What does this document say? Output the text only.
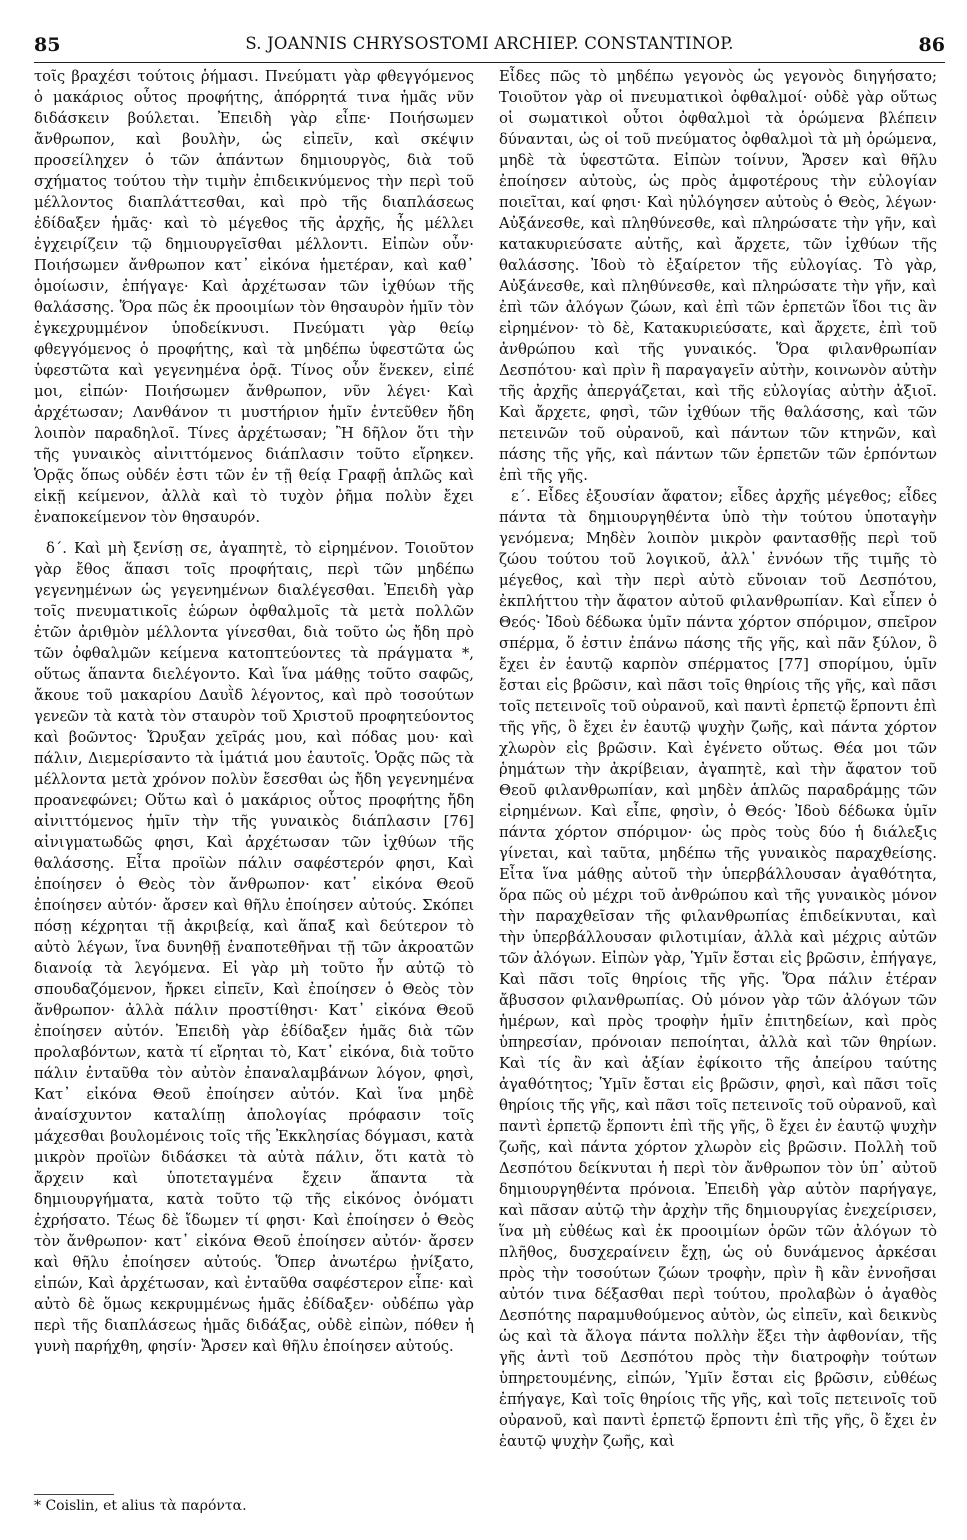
85	S. JOANNIS CHRYSOSTOMI ARCHIEP. CONSTANTINOP.	86

τοῖς βραχέσι τούτοις ῥήμασι. Πνεύματι γὰρ φθεγγόμενος ὁ μακάριος οὗτος προφήτης, ἀπόρρητά τινα ἡμᾶς νῦν διδάσκειν βούλεται. Ἐπειδὴ γὰρ εἶπε· Ποιήσωμεν ἄνθρωπον, καὶ βουλὴν, ὡς εἰπεῖν, καὶ σκέψιν προσείληχεν ὁ τῶν ἁπάντων δημιουργὸς, διὰ τοῦ σχήματος τούτου τὴν τιμὴν ἐπιδεικνύμενος τὴν περὶ τοῦ μέλλοντος διαπλάττεσθαι, καὶ πρὸ τῆς διαπλάσεως ἐδίδαξεν ἡμᾶς· καὶ τὸ μέγεθος τῆς ἀρχῆς, ἧς μέλλει ἐγχειρίζειν τῷ δημιουργεῖσθαι μέλλοντι. Εἰπὼν οὖν· Ποιήσωμεν ἄνθρωπον κατ᾽ εἰκόνα ἡμετέραν, καὶ καθ᾽ ὁμοίωσιν, ἐπήγαγε· Καὶ ἀρχέτωσαν τῶν ἰχθύων τῆς θαλάσσης. Ὅρα πῶς ἐκ προοιμίων τὸν θησαυρὸν ἡμῖν τὸν ἐγκεχρυμμένον ὑποδείκνυσι. Πνεύματι γὰρ θείῳ φθεγγόμενος ὁ προφήτης, καὶ τὰ μηδέπω ὑφεστῶτα ὡς ὑφεστῶτα καὶ γεγενημένα ὁρᾷ. Τίνος οὖν ἕνεκεν, εἰπέ μοι, εἰπών· Ποιήσωμεν ἄνθρωπον, νῦν λέγει· Καὶ ἀρχέτωσαν; Λανθάνον τι μυστήριον ἡμῖν ἐντεῦθεν ἤδη λοιπὸν παραδηλοῖ. Τίνες ἀρχέτωσαν; Ἢ δῆλον ὅτι τὴν τῆς γυναικὸς αἰνιττόμενος διάπλασιν τοῦτο εἴρηκεν. Ὁρᾷς ὅπως οὐδέν ἐστι τῶν ἐν τῇ θείᾳ Γραφῇ ἁπλῶς καὶ εἰκῇ κείμενον, ἀλλὰ καὶ τὸ τυχὸν ῥῆμα πολὺν ἔχει ἐναποκείμενον τὸν θησαυρόν.

δ΄. Καὶ μὴ ξενίσῃ σε, ἀγαπητὲ, τὸ εἰρημένον. Τοιοῦτον γὰρ ἔθος ἅπασι τοῖς προφήταις, περὶ τῶν μηδέπω γεγενημένων ὡς γεγενημένων διαλέγεσθαι. Ἐπειδὴ γὰρ τοῖς πνευματικοῖς ἑώρων ὀφθαλμοῖς τὰ μετὰ πολλῶν ἐτῶν ἀριθμὸν μέλλοντα γίνεσθαι, διὰ τοῦτο ὡς ἤδη πρὸ τῶν ὀφθαλμῶν κείμενα κατοπτεύοντες τὰ πράγματα *, οὕτως ἅπαντα διελέγοντο. Καὶ ἵνα μάθῃς τοῦτο σαφῶς, ἄκουε τοῦ μακαρίου Δαυῒδ λέγοντος, καὶ πρὸ τοσούτων γενεῶν τὰ κατὰ τὸν σταυρὸν τοῦ Χριστοῦ προφητεύοντος καὶ βοῶντος· Ὤρυξαν χεῖράς μου, καὶ πόδας μου· καὶ πάλιν, Διεμερίσαντο τὰ ἱμάτιά μου ἑαυτοῖς. Ὁρᾷς πῶς τὰ μέλλοντα μετὰ χρόνον πολὺν ἔσεσθαι ὡς ἤδη γεγενημένα προανεφώνει; Οὕτω καὶ ὁ μακάριος οὗτος προφήτης ἤδη αἰνιττόμενος ἡμῖν τὴν τῆς γυναικὸς διάπλασιν [76] αἰνιγματωδῶς φησι, Καὶ ἀρχέτωσαν τῶν ἰχθύων τῆς θαλάσσης. Εἶτα προϊὼν πάλιν σαφέστερόν φησι, Καὶ ἐποίησεν ὁ Θεὸς τὸν ἄνθρωπον· κατ᾽ εἰκόνα Θεοῦ ἐποίησεν αὐτόν· ἄρσεν καὶ θῆλυ ἐποίησεν αὐτούς. Σκόπει πόσῃ κέχρηται τῇ ἀκριβείᾳ, καὶ ἅπαξ καὶ δεύτερον τὸ αὐτὸ λέγων, ἵνα δυνηθῇ ἐναποτεθῆναι τῇ τῶν ἀκροατῶν διανοίᾳ τὰ λεγόμενα. Εἰ γὰρ μὴ τοῦτο ἦν αὐτῷ τὸ σπουδαζόμενον, ἤρκει εἰπεῖν, Καὶ ἐποίησεν ὁ Θεὸς τὸν ἄνθρωπον· ἀλλὰ πάλιν προστίθησι· Κατ᾽ εἰκόνα Θεοῦ ἐποίησεν αὐτόν. Ἐπειδὴ γὰρ ἐδίδαξεν ἡμᾶς διὰ τῶν προλαβόντων, κατὰ τί εἴρηται τὸ, Κατ᾽ εἰκόνα, διὰ τοῦτο πάλιν ἐνταῦθα τὸν αὐτὸν ἐπαναλαμβάνων λόγον, φησὶ, Κατ᾽ εἰκόνα Θεοῦ ἐποίησεν αὐτόν. Καὶ ἵνα μηδὲ ἀναίσχυντον καταλίπῃ ἀπολογίας πρόφασιν τοῖς μάχεσθαι βουλομένοις τοῖς τῆς Ἐκκλησίας δόγμασι, κατὰ μικρὸν προϊὼν διδάσκει τὰ αὐτὰ πάλιν, ὅτι κατὰ τὸ ἄρχειν καὶ ὑποτεταγμένα ἔχειν ἅπαντα τὰ δημιουργήματα, κατὰ τοῦτο τῷ τῆς εἰκόνος ὀνόματι ἐχρήσατο. Τέως δὲ ἴδωμεν τί φησι· Καὶ ἐποίησεν ὁ Θεὸς τὸν ἄνθρωπον· κατ᾽ εἰκόνα Θεοῦ ἐποίησεν αὐτόν· ἄρσεν καὶ θῆλυ ἐποίησεν αὐτούς. Ὅπερ ἀνωτέρω ᾐνίξατο, εἰπών, Καὶ ἀρχέτωσαν, καὶ ἐνταῦθα σαφέστερον εἶπε· καὶ αὐτὸ δὲ ὅμως κεκρυμμένως ἡμᾶς ἐδίδαξεν· οὐδέπω γὰρ περὶ τῆς διαπλάσεως ἡμᾶς διδάξας, οὐδὲ εἰπὼν, πόθεν ἡ γυνὴ παρήχθη, φησίν· Ἄρσεν καὶ θῆλυ ἐποίησεν αὐτούς.

Εἶδες πῶς τὸ μηδέπω γεγονὸς ὡς γεγονὸς διηγήσατο; Τοιοῦτον γὰρ οἱ πνευματικοὶ ὀφθαλμοί· οὐδὲ γὰρ οὕτως οἱ σωματικοὶ οὗτοι ὀφθαλμοὶ τὰ ὁρώμενα βλέπειν δύνανται, ὡς οἱ τοῦ πνεύματος ὀφθαλμοὶ τὰ μὴ ὁρώμενα, μηδὲ τὰ ὑφεστῶτα. Εἰπὼν τοίνυν, Ἄρσεν καὶ θῆλυ ἐποίησεν αὐτοὺς, ὡς πρὸς ἀμφοτέρους τὴν εὐλογίαν ποιεῖται, καί φησι· Καὶ ηὐλόγησεν αὐτοὺς ὁ Θεὸς, λέγων· Αὐξάνεσθε, καὶ πληθύνεσθε, καὶ πληρώσατε τὴν γῆν, καὶ κατακυριεύσατε αὐτῆς, καὶ ἄρχετε, τῶν ἰχθύων τῆς θαλάσσης. Ἰδοὺ τὸ ἐξαίρετον τῆς εὐλογίας. Τὸ γὰρ, Αὐξάνεσθε, καὶ πληθύνεσθε, καὶ πληρώσατε τὴν γῆν, καὶ ἐπὶ τῶν ἀλόγων ζώων, καὶ ἐπὶ τῶν ἑρπετῶν ἴδοι τις ἂν εἰρημένον· τὸ δὲ, Κατακυριεύσατε, καὶ ἄρχετε, ἐπὶ τοῦ ἀνθρώπου καὶ τῆς γυναικός. Ὅρα φιλανθρωπίαν Δεσπότου· καὶ πρὶν ἢ παραγαγεῖν αὐτὴν, κοινωνὸν αὐτὴν τῆς ἀρχῆς ἀπεργάζεται, καὶ τῆς εὐλογίας αὐτὴν ἀξιοῖ. Καὶ ἄρχετε, φησὶ, τῶν ἰχθύων τῆς θαλάσσης, καὶ τῶν πετεινῶν τοῦ οὐρανοῦ, καὶ πάντων τῶν κτηνῶν, καὶ πάσης τῆς γῆς, καὶ πάντων τῶν ἑρπετῶν τῶν ἑρπόντων ἐπὶ τῆς γῆς.

ε΄. Εἶδες ἐξουσίαν ἄφατον; εἶδες ἀρχῆς μέγεθος; εἶδες πάντα τὰ δημιουργηθέντα ὑπὸ τὴν τούτου ὑποταγὴν γενόμενα; Μηδὲν λοιπὸν μικρὸν φαντασθῇς περὶ τοῦ ζώου τούτου τοῦ λογικοῦ, ἀλλ᾽ ἐννόων τῆς τιμῆς τὸ μέγεθος, καὶ τὴν περὶ αὐτὸ εὔνοιαν τοῦ Δεσπότου, ἐκπλήττου τὴν ἄφατον αὐτοῦ φιλανθρωπίαν. Καὶ εἶπεν ὁ Θεός· Ἰδοὺ δέδωκα ὑμῖν πάντα χόρτον σπόριμον, σπεῖρον σπέρμα, ὅ ἐστιν ἐπάνω πάσης τῆς γῆς, καὶ πᾶν ξύλον, ὃ ἔχει ἐν ἑαυτῷ καρπὸν σπέρματος [77] σπορίμου, ὑμῖν ἔσται εἰς βρῶσιν, καὶ πᾶσι τοῖς θηρίοις τῆς γῆς, καὶ πᾶσι τοῖς πετεινοῖς τοῦ οὐρανοῦ, καὶ παντὶ ἑρπετῷ ἕρποντι ἐπὶ τῆς γῆς, ὃ ἔχει ἐν ἑαυτῷ ψυχὴν ζωῆς, καὶ πάντα χόρτον χλωρὸν εἰς βρῶσιν. Καὶ ἐγένετο οὕτως. Θέα μοι τῶν ῥημάτων τὴν ἀκρίβειαν, ἀγαπητὲ, καὶ τὴν ἄφατον τοῦ Θεοῦ φιλανθρωπίαν, καὶ μηδὲν ἁπλῶς παραδράμῃς τῶν εἰρημένων. Καὶ εἶπε, φησὶν, ὁ Θεός· Ἰδοὺ δέδωκα ὑμῖν πάντα χόρτον σπόριμον· ὡς πρὸς τοὺς δύο ἡ διάλεξις γίνεται, καὶ ταῦτα, μηδέπω τῆς γυναικὸς παραχθείσης. Εἶτα ἵνα μάθῃς αὐτοῦ τὴν ὑπερβάλλουσαν ἀγαθότητα, ὅρα πῶς οὐ μέχρι τοῦ ἀνθρώπου καὶ τῆς γυναικὸς μόνον τὴν παραχθεῖσαν τῆς φιλανθρωπίας ἐπιδείκνυται, καὶ τὴν ὑπερβάλλουσαν φιλοτιμίαν, ἀλλὰ καὶ μέχρις αὐτῶν τῶν ἀλόγων. Εἰπὼν γὰρ, Ὑμῖν ἔσται εἰς βρῶσιν, ἐπήγαγε, Καὶ πᾶσι τοῖς θηρίοις τῆς γῆς. Ὅρα πάλιν ἑτέραν ἄβυσσον φιλανθρωπίας. Οὐ μόνον γὰρ τῶν ἀλόγων τῶν ἡμέρων, καὶ πρὸς τροφὴν ἡμῖν ἐπιτηδείων, καὶ πρὸς ὑπηρεσίαν, πρόνοιαν πεποίηται, ἀλλὰ καὶ τῶν θηρίων. Καὶ τίς ἂν καὶ ἀξίαν ἐφίκοιτο τῆς ἀπείρου ταύτης ἀγαθότητος; Ὑμῖν ἔσται εἰς βρῶσιν, φησὶ, καὶ πᾶσι τοῖς θηρίοις τῆς γῆς, καὶ πᾶσι τοῖς πετεινοῖς τοῦ οὐρανοῦ, καὶ παντὶ ἑρπετῷ ἕρποντι ἐπὶ τῆς γῆς, ὃ ἔχει ἐν ἑαυτῷ ψυχὴν ζωῆς, καὶ πάντα χόρτον χλωρὸν εἰς βρῶσιν. Πολλὴ τοῦ Δεσπότου δείκνυται ἡ περὶ τὸν ἄνθρωπον τὸν ὑπ᾽ αὐτοῦ δημιουργηθέντα πρόνοια. Ἐπειδὴ γὰρ αὐτὸν παρήγαγε, καὶ πᾶσαν αὐτῷ τὴν ἀρχὴν τῆς δημιουργίας ἐνεχείρισεν, ἵνα μὴ εὐθέως καὶ ἐκ προοιμίων ὁρῶν τῶν ἀλόγων τὸ πλῆθος, δυσχεραίνειν ἔχῃ, ὡς οὐ δυνάμενος ἀρκέσαι πρὸς τὴν τοσούτων ζώων τροφὴν, πρὶν ἢ κἂν ἐννοῆσαι αὐτόν τινα δέξασθαι περὶ τούτου, προλαβὼν ὁ ἀγαθὸς Δεσπότης παραμυθούμενος αὐτὸν, ὡς εἰπεῖν, καὶ δεικνὺς ὡς καὶ τὰ ἄλογα πάντα πολλὴν ἕξει τὴν ἀφθονίαν, τῆς γῆς ἀντὶ τοῦ Δεσπότου πρὸς τὴν διατροφὴν τούτων ὑπηρετουμένης, εἰπών, Ὑμῖν ἔσται εἰς βρῶσιν, εὐθέως ἐπήγαγε, Καὶ τοῖς θηρίοις τῆς γῆς, καὶ τοῖς πετεινοῖς τοῦ οὐρανοῦ, καὶ παντὶ ἑρπετῷ ἕρποντι ἐπὶ τῆς γῆς, ὃ ἔχει ἐν ἑαυτῷ ψυχὴν ζωῆς, καὶ

* Coislin, et alius τὰ παρόντα.
